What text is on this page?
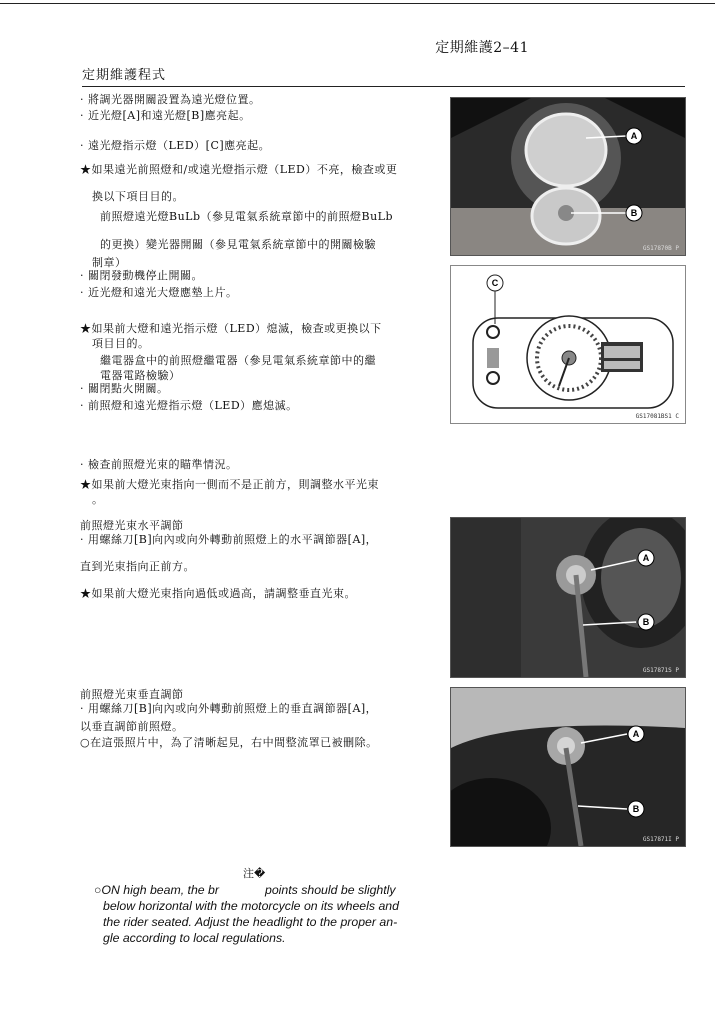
定期維護2–41
定期維護程式
· 將調光器開關設置為遠光燈位置。
· 近光燈[A]和遠光燈[B]應亮起。
· 遠光燈指示燈（LED）[C]應亮起。
★如果遠光前照燈和/或遠光燈指示燈（LED）不亮，檢查或更
換以下項目目的。
前照燈遠光燈BuLb（參見電氣系統章節中的前照燈BuLb
的更換）變光器開關（參見電氣系統章節中的開關檢驗
制章）
· 關閉發動機停止開關。
· 近光燈和遠光大燈應墊上片。
★如果前大燈和遠光指示燈（LED）熄滅，檢查或更換以下
項目目的。
繼電器盒中的前照燈繼電器（參見電氣系統章節中的繼
電器電路檢驗）
· 關閉點火開關。
· 前照燈和遠光燈指示燈（LED）應熄滅。
· 檢查前照燈光束的瞄準情況。
★如果前大燈光束指向一側而不是正前方，則調整水平光束
。
前照燈光束水平調節
· 用螺絲刀[B]向內或向外轉動前照燈上的水平調節器[A]，
直到光束指向正前方。
★如果前大燈光束指向過低或過高，請調整垂直光束。
前照燈光束垂直調節
· 用螺絲刀[B]向內或向外轉動前照燈上的垂直調節器[A]，
以垂直調節前照燈。
○在這張照片中，為了清晰起見，右中間整流罩已被刪除。
A
B
GS17870B P
C
GS17081BS1 C
A
B
GS17871S P
A
B
GS17871I P
注�
○ON high beam, the br	points should be slightly
below horizontal with the motorcycle on its wheels and
the rider seated. Adjust the headlight to the proper an-
gle according to local regulations.
